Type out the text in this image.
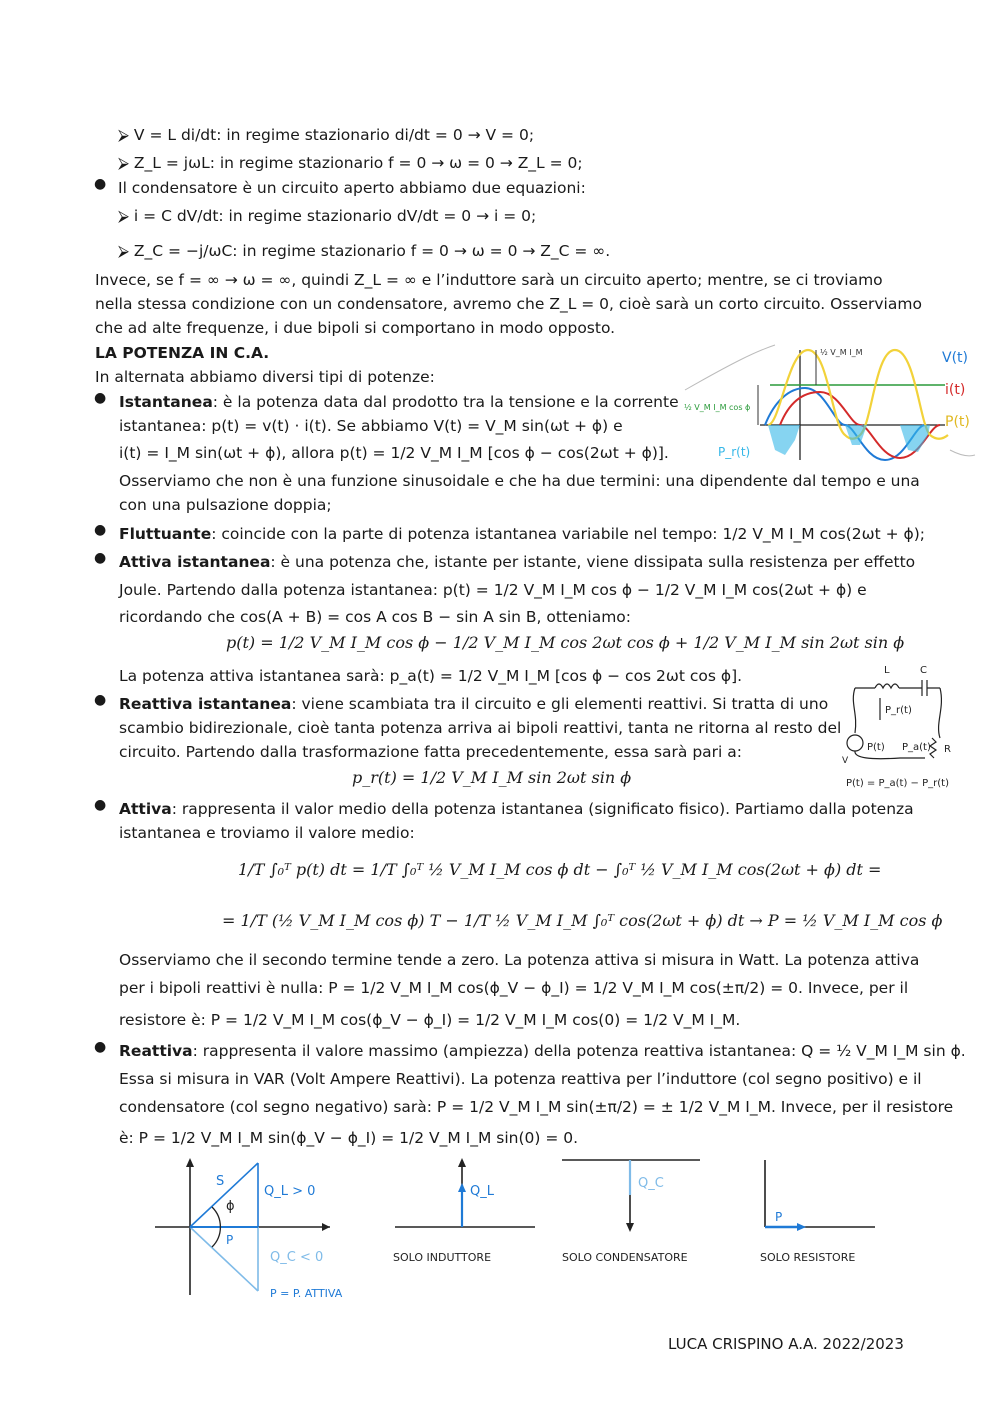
⮚ V = L di/dt: in regime stazionario di/dt = 0 → V = 0;
⮚ Z_L = jωL: in regime stazionario f = 0 → ω = 0 → Z_L = 0;
● Il condensatore è un circuito aperto abbiamo due equazioni:
⮚ i = C dV/dt: in regime stazionario dV/dt = 0 → i = 0;
⮚ Z_C = −j/ωC: in regime stazionario f = 0 → ω = 0 → Z_C = ∞.
Invece, se f = ∞ → ω = ∞, quindi Z_L = ∞ e l’induttore sarà un circuito aperto; mentre, se ci troviamo
nella stessa condizione con un condensatore, avremo che Z_L = 0, cioè sarà un corto circuito. Osserviamo
che ad alte frequenze, i due bipoli si comportano in modo opposto.
LA POTENZA IN C.A.
In alternata abbiamo diversi tipi di potenze:
● Istantanea: è la potenza data dal prodotto tra la tensione e la corrente
istantanea: p(t) = v(t) · i(t). Se abbiamo V(t) = V_M sin(ωt + ϕ) e
i(t) = I_M sin(ωt + ϕ), allora p(t) = 1/2 V_M I_M [cos ϕ − cos(2ωt + ϕ)].
Osserviamo che non è una funzione sinusoidale e che ha due termini: una dipendente dal tempo e una
con una pulsazione doppia;
● Fluttuante: coincide con la parte di potenza istantanea variabile nel tempo: 1/2 V_M I_M cos(2ωt + ϕ);
● Attiva istantanea: è una potenza che, istante per istante, viene dissipata sulla resistenza per effetto
Joule. Partendo dalla potenza istantanea: p(t) = 1/2 V_M I_M cos ϕ − 1/2 V_M I_M cos(2ωt + ϕ) e
ricordando che cos(A + B) = cos A cos B − sin A sin B, otteniamo:
p(t) = 1/2 V_M I_M cos ϕ − 1/2 V_M I_M cos 2ωt cos ϕ + 1/2 V_M I_M sin 2ωt sin ϕ
La potenza attiva istantanea sarà: p_a(t) = 1/2 V_M I_M [cos ϕ − cos 2ωt cos ϕ].
● Reattiva istantanea: viene scambiata tra il circuito e gli elementi reattivi. Si tratta di uno
scambio bidirezionale, cioè tanta potenza arriva ai bipoli reattivi, tanta ne ritorna al resto del
circuito. Partendo dalla trasformazione fatta precedentemente, essa sarà pari a:
p_r(t) = 1/2 V_M I_M sin 2ωt sin ϕ
● Attiva: rappresenta il valor medio della potenza istantanea (significato fisico). Partiamo dalla potenza
istantanea e troviamo il valore medio:
1/T ∫₀ᵀ p(t) dt = 1/T ∫₀ᵀ ½ V_M I_M cos ϕ dt − ∫₀ᵀ ½ V_M I_M cos(2ωt + ϕ) dt =
= 1/T (½ V_M I_M cos ϕ) T − 1/T ½ V_M I_M ∫₀ᵀ cos(2ωt + ϕ) dt → P = ½ V_M I_M cos ϕ
Osserviamo che il secondo termine tende a zero. La potenza attiva si misura in Watt. La potenza attiva
per i bipoli reattivi è nulla: P = 1/2 V_M I_M cos(ϕ_V − ϕ_I) = 1/2 V_M I_M cos(±π/2) = 0. Invece, per il
resistore è: P = 1/2 V_M I_M cos(ϕ_V − ϕ_I) = 1/2 V_M I_M cos(0) = 1/2 V_M I_M.
● Reattiva: rappresenta il valore massimo (ampiezza) della potenza reattiva istantanea: Q = ½ V_M I_M sin ϕ.
Essa si misura in VAR (Volt Ampere Reattivi). La potenza reattiva per l’induttore (col segno positivo) e il
condensatore (col segno negativo) sarà: P = 1/2 V_M I_M sin(±π/2) = ± 1/2 V_M I_M. Invece, per il resistore
è: P = 1/2 V_M I_M sin(ϕ_V − ϕ_I) = 1/2 V_M I_M sin(0) = 0.
½ V_M I_M
½ V_M I_M cos ϕ
V(t)
i(t)
P(t)
P_r(t)
L	C
P_r(t)
P(t) P_a(t) R
V
P(t) = P_a(t) − P_r(t)
S
ϕ
Q_L > 0
P
Q_C < 0
P = P. ATTIVA
Q_L
SOLO INDUTTORE
Q_C
SOLO CONDENSATORE
P
SOLO RESISTORE
LUCA CRISPINO A.A. 2022/2023
